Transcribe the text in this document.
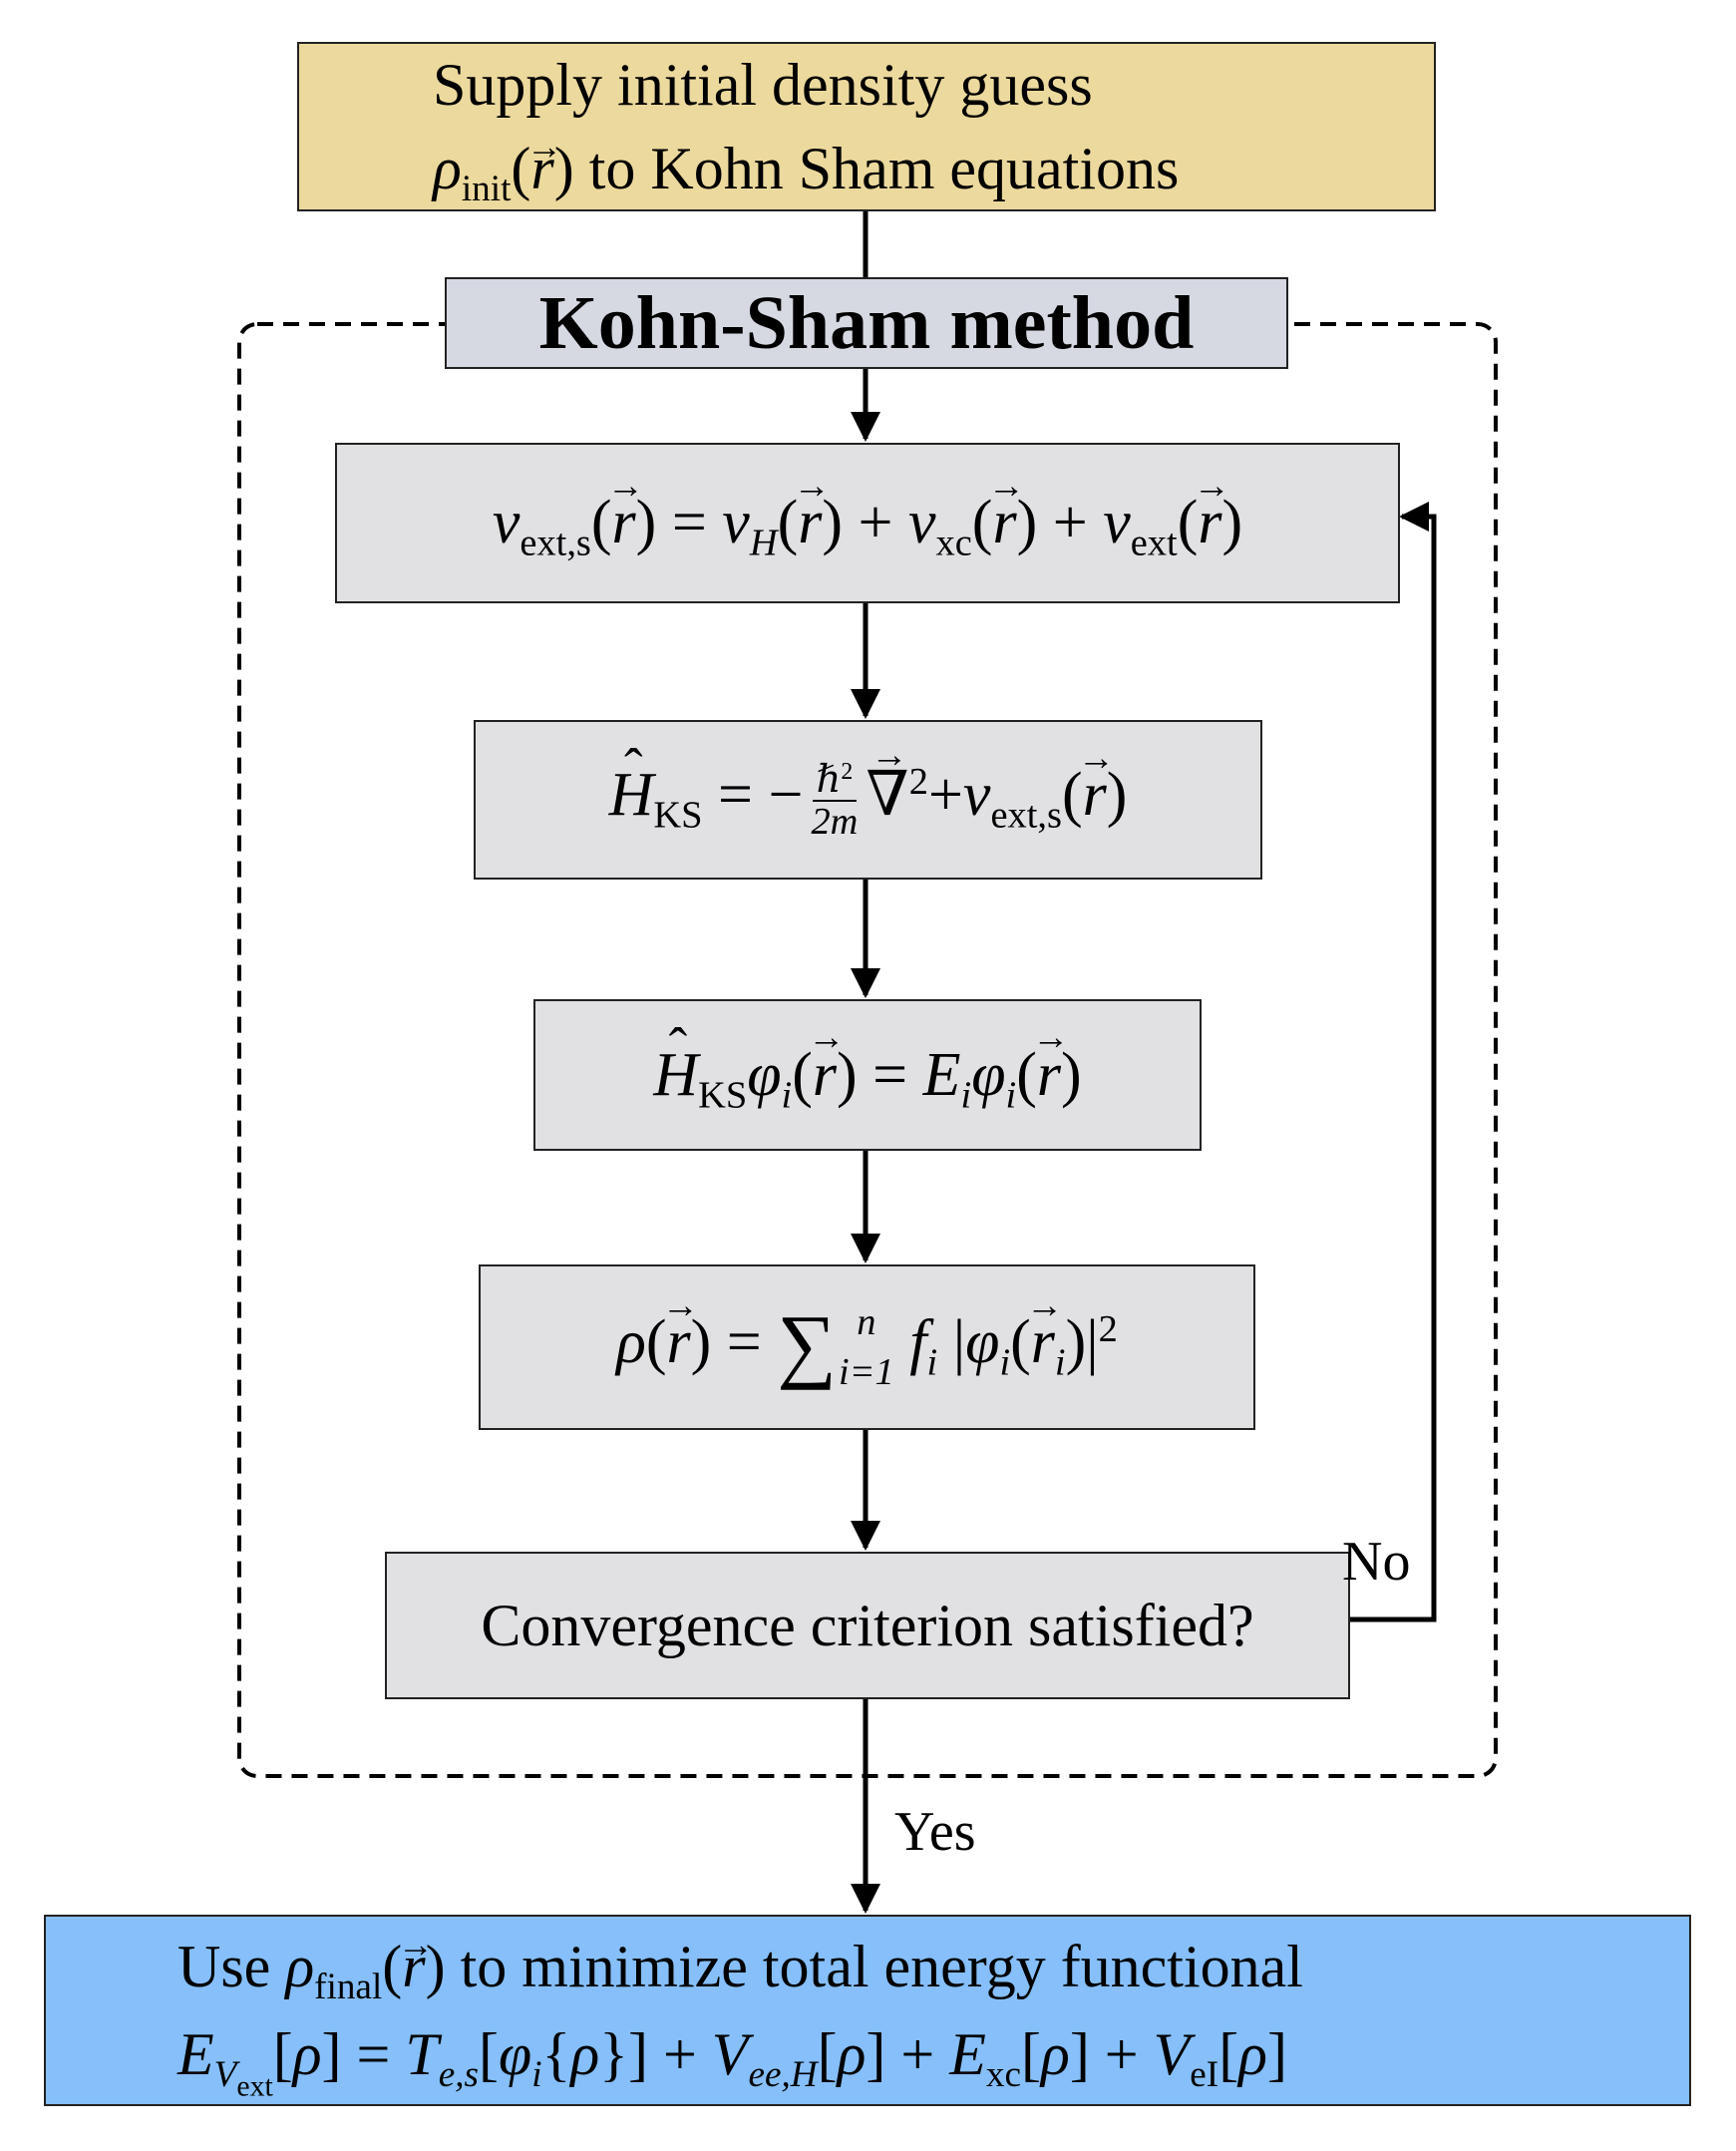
Supply initial density guess
$\rho_{init}(\to r)$ to Kohn Sham equations
Kohn-Sham method
$v_{ext,s}(\to r) = v_H(\to r) + v_{xc}(\to r) + v_{ext}(\to r)$
ˆ $H_{KS}$ = − $\frac{\hbar^2}{2m}$
→ $\nabla^2+v_{ext,s}(\to r)$
ˆ $H_{KS}\varphi_i(\to r) = E_i\varphi_i(\to r)$
ρ(→ r) = ∑ n
i=1 $f_i$ $|\varphi_i(\to r_i)|^2$
Convergence criterion satisfied?
No
Yes
Use $\rho_{final}(\to r)$ to minimize total energy functional
$E_{V_{ext}}[\rho] = T_{e,s}[\varphi_i\{\rho\}] + V_{ee,H}[\rho] + E_{xc}[\rho] + V_{eI}[\rho]$
